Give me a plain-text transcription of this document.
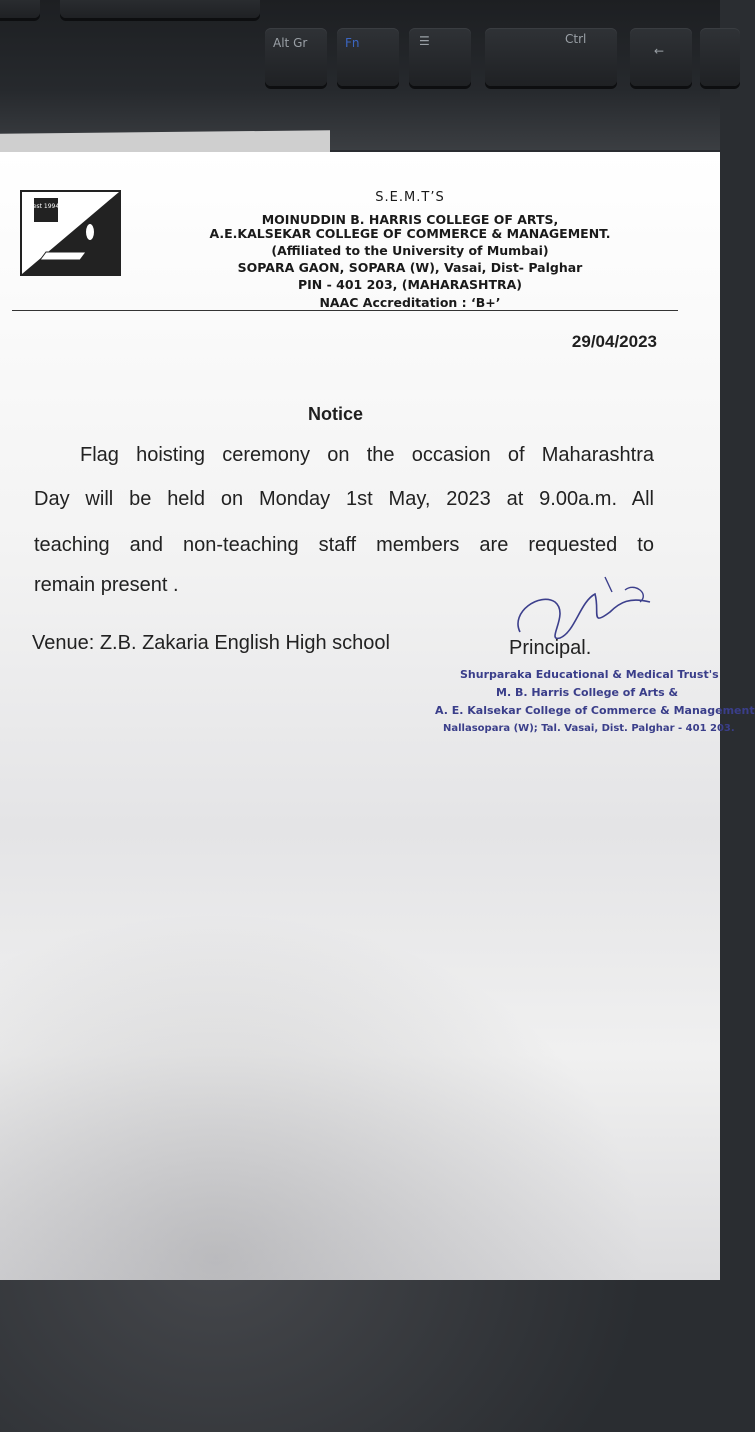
Alt Gr	Fn	☰	Ctrl
←
est 1994
S.E.M.T’S
MOINUDDIN B. HARRIS COLLEGE OF ARTS,
A.E.KALSEKAR COLLEGE OF COMMERCE & MANAGEMENT.
(Affiliated to the University of Mumbai)
SOPARA GAON, SOPARA (W), Vasai, Dist- Palghar
PIN - 401 203, (MAHARASHTRA)
NAAC Accreditation : ‘B+’
29/04/2023
Notice
Flag hoisting ceremony on the occasion of Maharashtra
Day will be held on Monday 1st May, 2023 at 9.00a.m. All
teaching and non-teaching staff members are requested to
remain present .
Venue: Z.B. Zakaria English High school	Principal.
Shurparaka Educational & Medical Trust's
M. B. Harris College of Arts &
A. E. Kalsekar College of Commerce & Management
Nallasopara (W); Tal. Vasai, Dist. Palghar - 401 203.
